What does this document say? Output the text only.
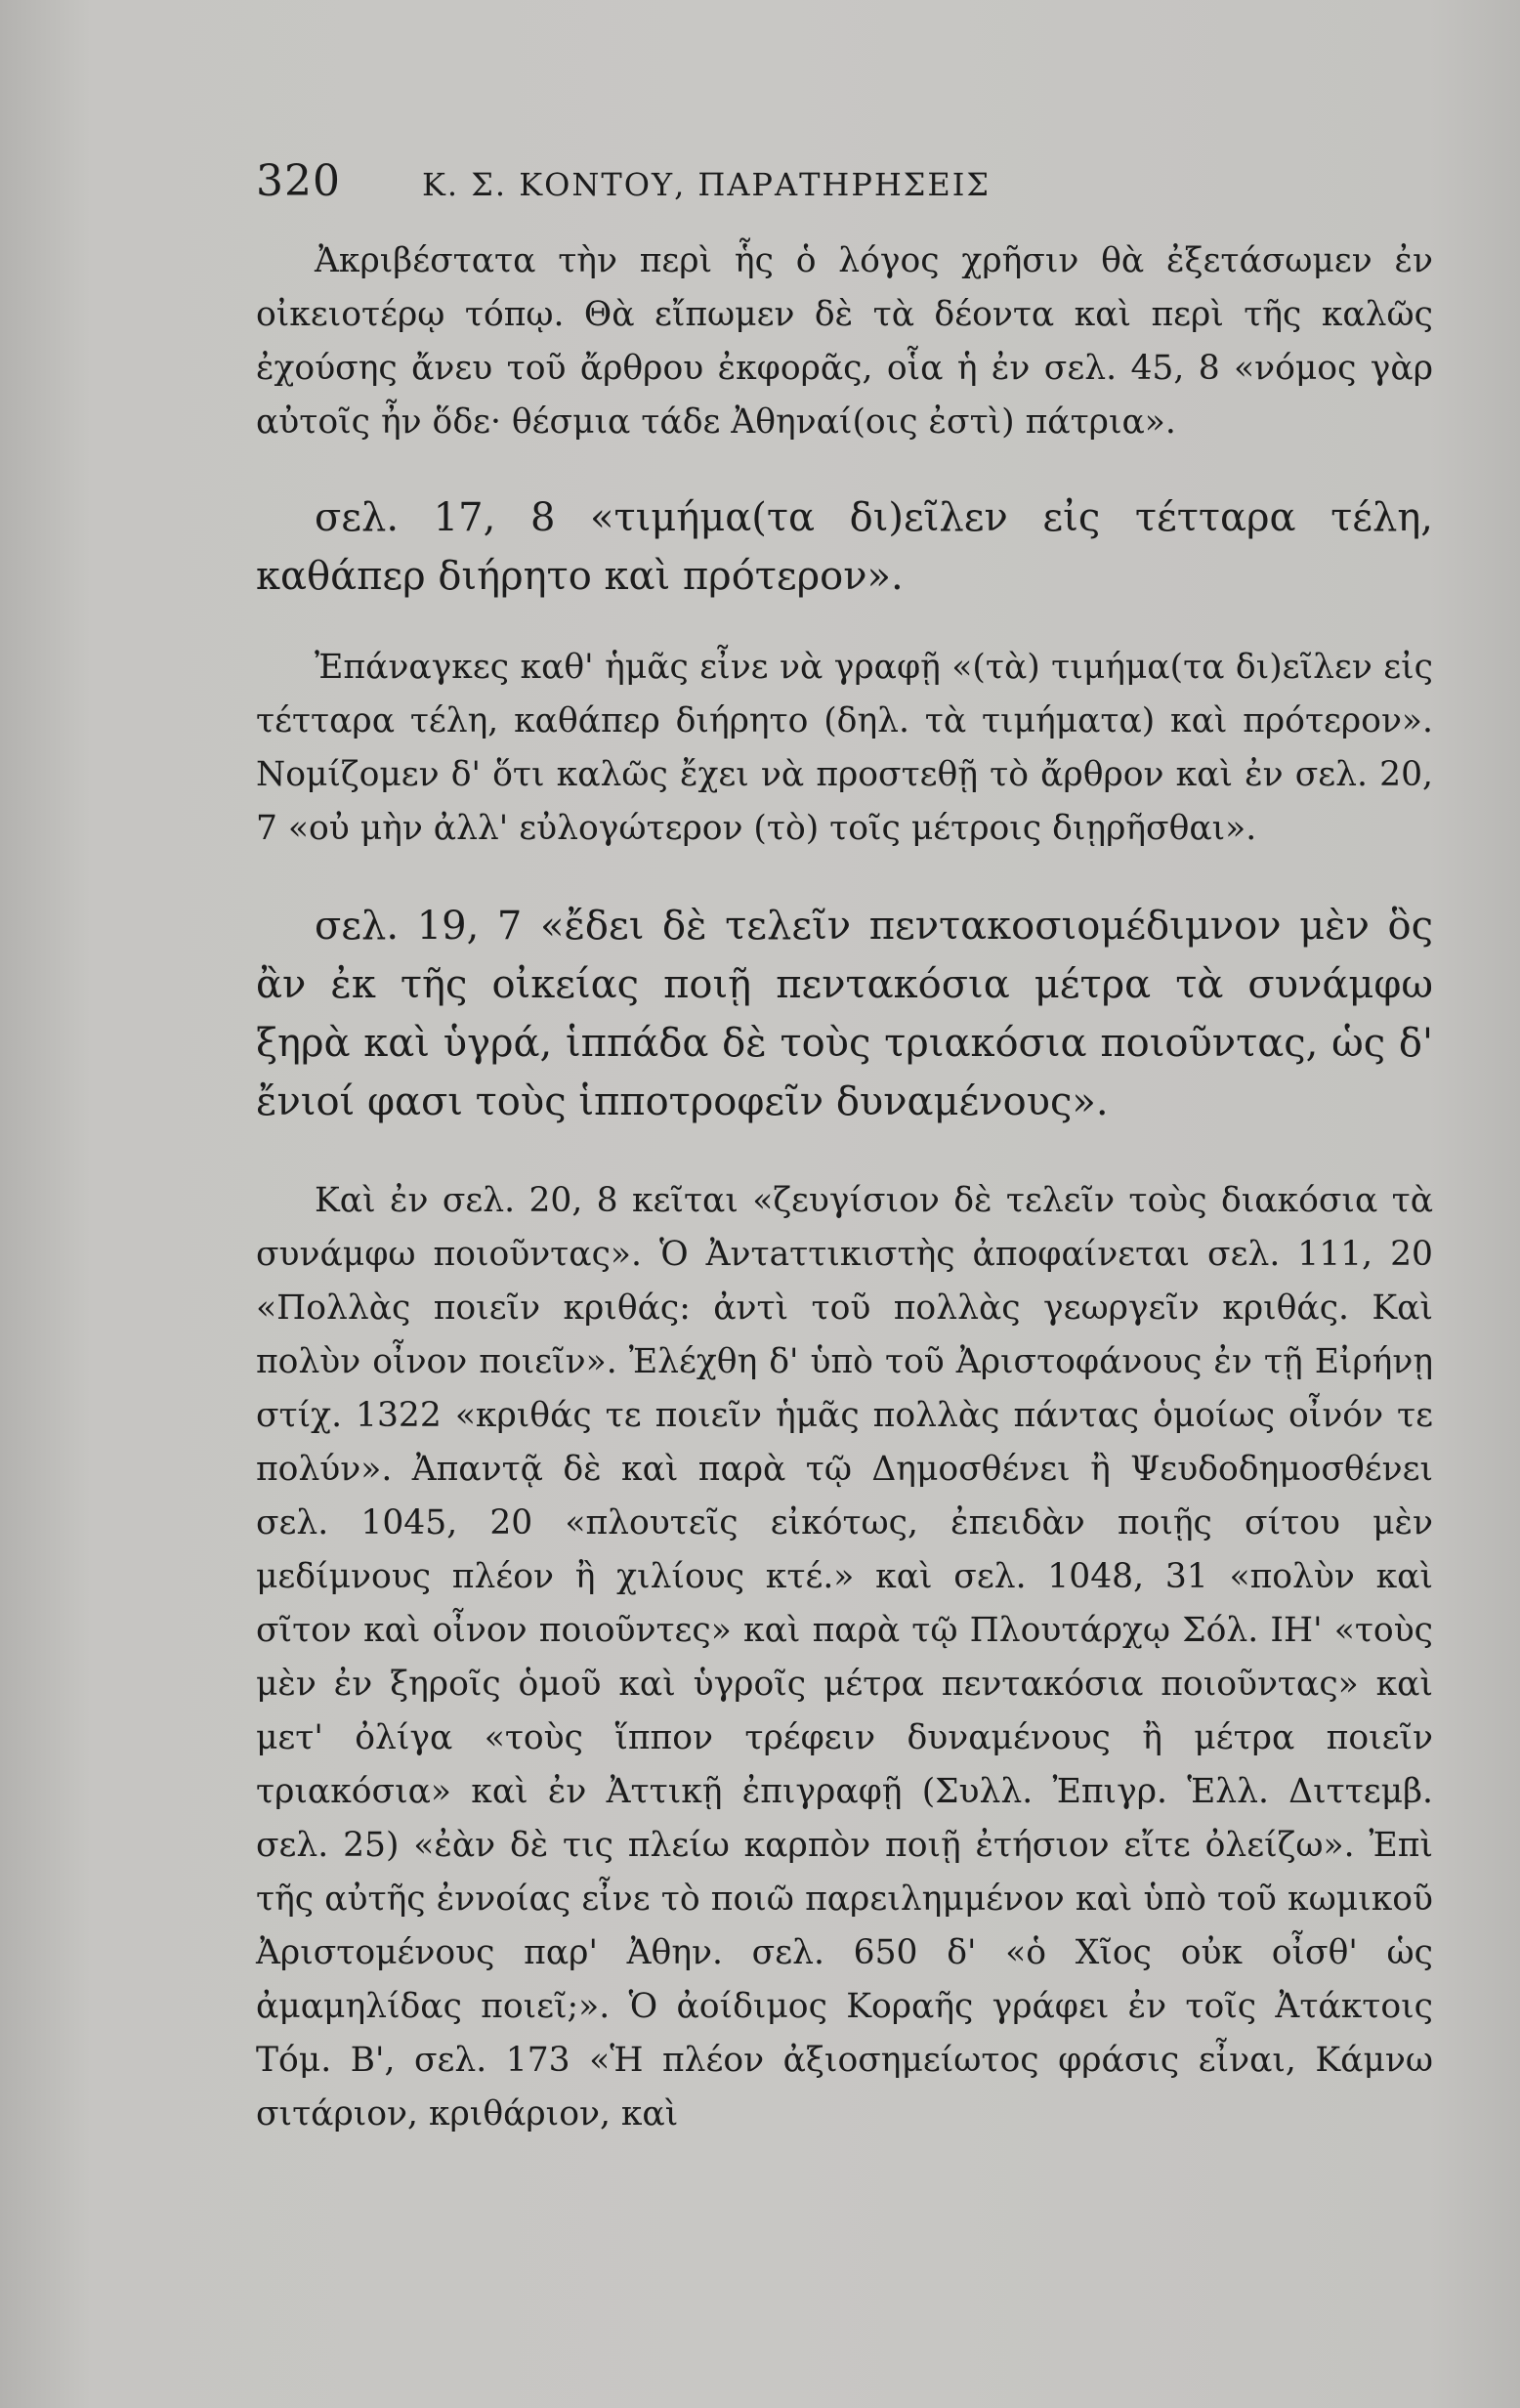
320	Κ. Σ. ΚΟΝΤΟΥ, ΠΑΡΑΤΗΡΗΣΕΙΣ

Ἀκριβέστατα τὴν περὶ ἧς ὁ λόγος χρῆσιν θὰ ἐξετάσωμεν ἐν οἰκειοτέρῳ τόπῳ. Θὰ εἴπωμεν δὲ τὰ δέοντα καὶ περὶ τῆς καλῶς ἐχούσης ἄνευ τοῦ ἄρθρου ἐκφορᾶς, οἷα ἡ ἐν σελ. 45, 8 «νόμος γὰρ αὐτοῖς ἦν ὅδε· θέσμια τάδε Ἀθηναί(οις ἐστὶ) πάτρια».

σελ. 17, 8 «τιμήμα(τα δι)εῖλεν εἰς τέτταρα τέλη, καθάπερ διήρητο καὶ πρότερον».

Ἐπάναγκες καθ' ἡμᾶς εἶνε νὰ γραφῇ «(τὰ) τιμήμα(τα δι)εῖλεν εἰς τέτταρα τέλη, καθάπερ διήρητο (δηλ. τὰ τιμήματα) καὶ πρότερον». Νομίζομεν δ' ὅτι καλῶς ἔχει νὰ προστεθῇ τὸ ἄρθρον καὶ ἐν σελ. 20, 7 «οὐ μὴν ἀλλ' εὐλογώτερον (τὸ) τοῖς μέτροις διῃρῆσθαι».

σελ. 19, 7 «ἔδει δὲ τελεῖν πεντακοσιομέδιμνον μὲν ὃς ἂν ἐκ τῆς οἰκείας ποιῇ πεντακόσια μέτρα τὰ συνάμφω ξηρὰ καὶ ὑγρά, ἱππάδα δὲ τοὺς τριακόσια ποιοῦντας, ὡς δ' ἔνιοί φασι τοὺς ἱπποτροφεῖν δυναμένους».

Καὶ ἐν σελ. 20, 8 κεῖται «ζευγίσιον δὲ τελεῖν τοὺς διακόσια τὰ συνάμφω ποιοῦντας». Ὁ Ἀντaττικιστὴς ἀποφαίνεται σελ. 111, 20 «Πολλὰς ποιεῖν κριθάς: ἀντὶ τοῦ πολλὰς γεωργεῖν κριθάς. Καὶ πολὺν οἶνον ποιεῖν». Ἐλέχθη δ' ὑπὸ τοῦ Ἀριστοφάνους ἐν τῇ Εἰρήνῃ στίχ. 1322 «κριθάς τε ποιεῖν ἡμᾶς πολλὰς πάντας ὁμοίως οἶνόν τε πολύν». Ἀπαντᾷ δὲ καὶ παρὰ τῷ Δημοσθένει ἢ Ψευδοδημοσθένει σελ. 1045, 20 «πλουτεῖς εἰκότως, ἐπειδὰν ποιῇς σίτου μὲν μεδίμνους πλέον ἢ χιλίους κτέ.» καὶ σελ. 1048, 31 «πολὺν καὶ σῖτον καὶ οἶνον ποιοῦντες» καὶ παρὰ τῷ Πλουτάρχῳ Σόλ. ΙΗ' «τοὺς μὲν ἐν ξηροῖς ὁμοῦ καὶ ὑγροῖς μέτρα πεντακόσια ποιοῦντας» καὶ μετ' ὀλίγα «τοὺς ἵππον τρέφειν δυναμένους ἢ μέτρα ποιεῖν τριακόσια» καὶ ἐν Ἀττικῇ ἐπιγραφῇ (Συλλ. Ἐπιγρ. Ἑλλ. Διττεμβ. σελ. 25) «ἐὰν δὲ τις πλείω καρπὸν ποιῇ ἐτήσιον εἴτε ὀλείζω». Ἐπὶ τῆς αὐτῆς ἐννοίας εἶνε τὸ ποιῶ παρειλημμένον καὶ ὑπὸ τοῦ κωμικοῦ Ἀριστομένους παρ' Ἀθην. σελ. 650 δ' «ὁ Χῖος οὐκ οἶσθ' ὡς ἀμαμηλίδας ποιεῖ;». Ὁ ἀοίδιμος Κοραῆς γράφει ἐν τοῖς Ἀτάκτοις Τόμ. Β', σελ. 173 «Ἡ πλέον ἀξιοσημείωτος φράσις εἶναι, Κάμνω σιτάριον, κριθάριον, καὶ
